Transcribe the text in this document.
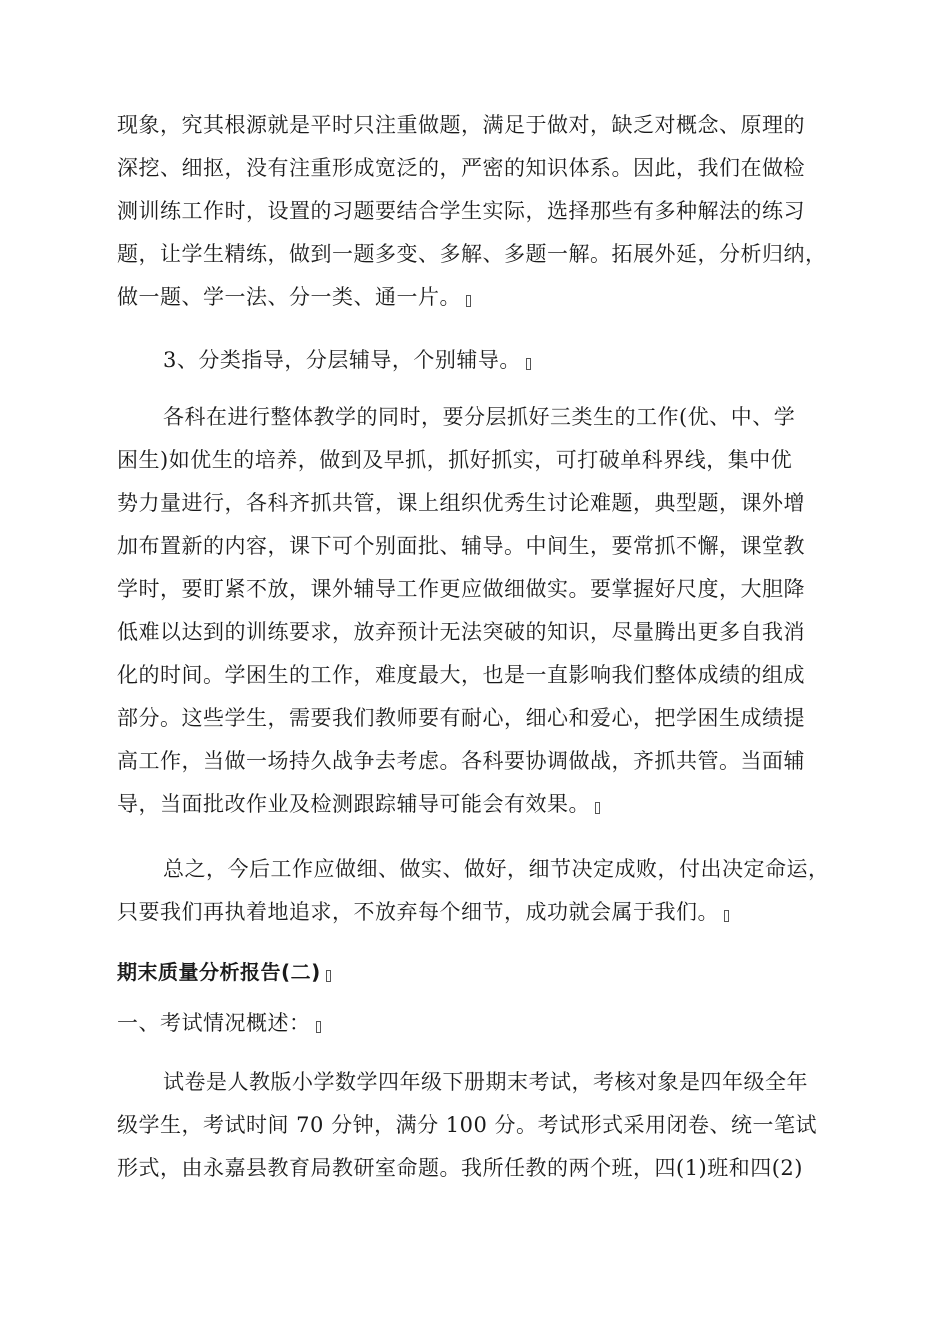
现象，究其根源就是平时只注重做题，满足于做对，缺乏对概念、原理的
深挖、细抠，没有注重形成宽泛的，严密的知识体系。因此，我们在做检
测训练工作时，设置的习题要结合学生实际，选择那些有多种解法的练习
题，让学生精练，做到一题多变、多解、多题一解。拓展外延，分析归纳，
做一题、学一法、分一类、通一片。
3、分类指导，分层辅导，个别辅导。
各科在进行整体教学的同时，要分层抓好三类生的工作(优、中、学
困生)如优生的培养，做到及早抓，抓好抓实，可打破单科界线，集中优
势力量进行，各科齐抓共管，课上组织优秀生讨论难题，典型题，课外增
加布置新的内容，课下可个别面批、辅导。中间生，要常抓不懈，课堂教
学时，要盯紧不放，课外辅导工作更应做细做实。要掌握好尺度，大胆降
低难以达到的训练要求，放弃预计无法突破的知识，尽量腾出更多自我消
化的时间。学困生的工作，难度最大，也是一直影响我们整体成绩的组成
部分。这些学生，需要我们教师要有耐心，细心和爱心，把学困生成绩提
高工作，当做一场持久战争去考虑。各科要协调做战，齐抓共管。当面辅
导，当面批改作业及检测跟踪辅导可能会有效果。
总之，今后工作应做细、做实、做好，细节决定成败，付出决定命运，
只要我们再执着地追求，不放弃每个细节，成功就会属于我们。
期末质量分析报告(二)
一、考试情况概述：
试卷是人教版小学数学四年级下册期末考试，考核对象是四年级全年
级学生，考试时间 70 分钟，满分 100 分。考试形式采用闭卷、统一笔试
形式，由永嘉县教育局教研室命题。我所任教的两个班，四(1)班和四(2)
